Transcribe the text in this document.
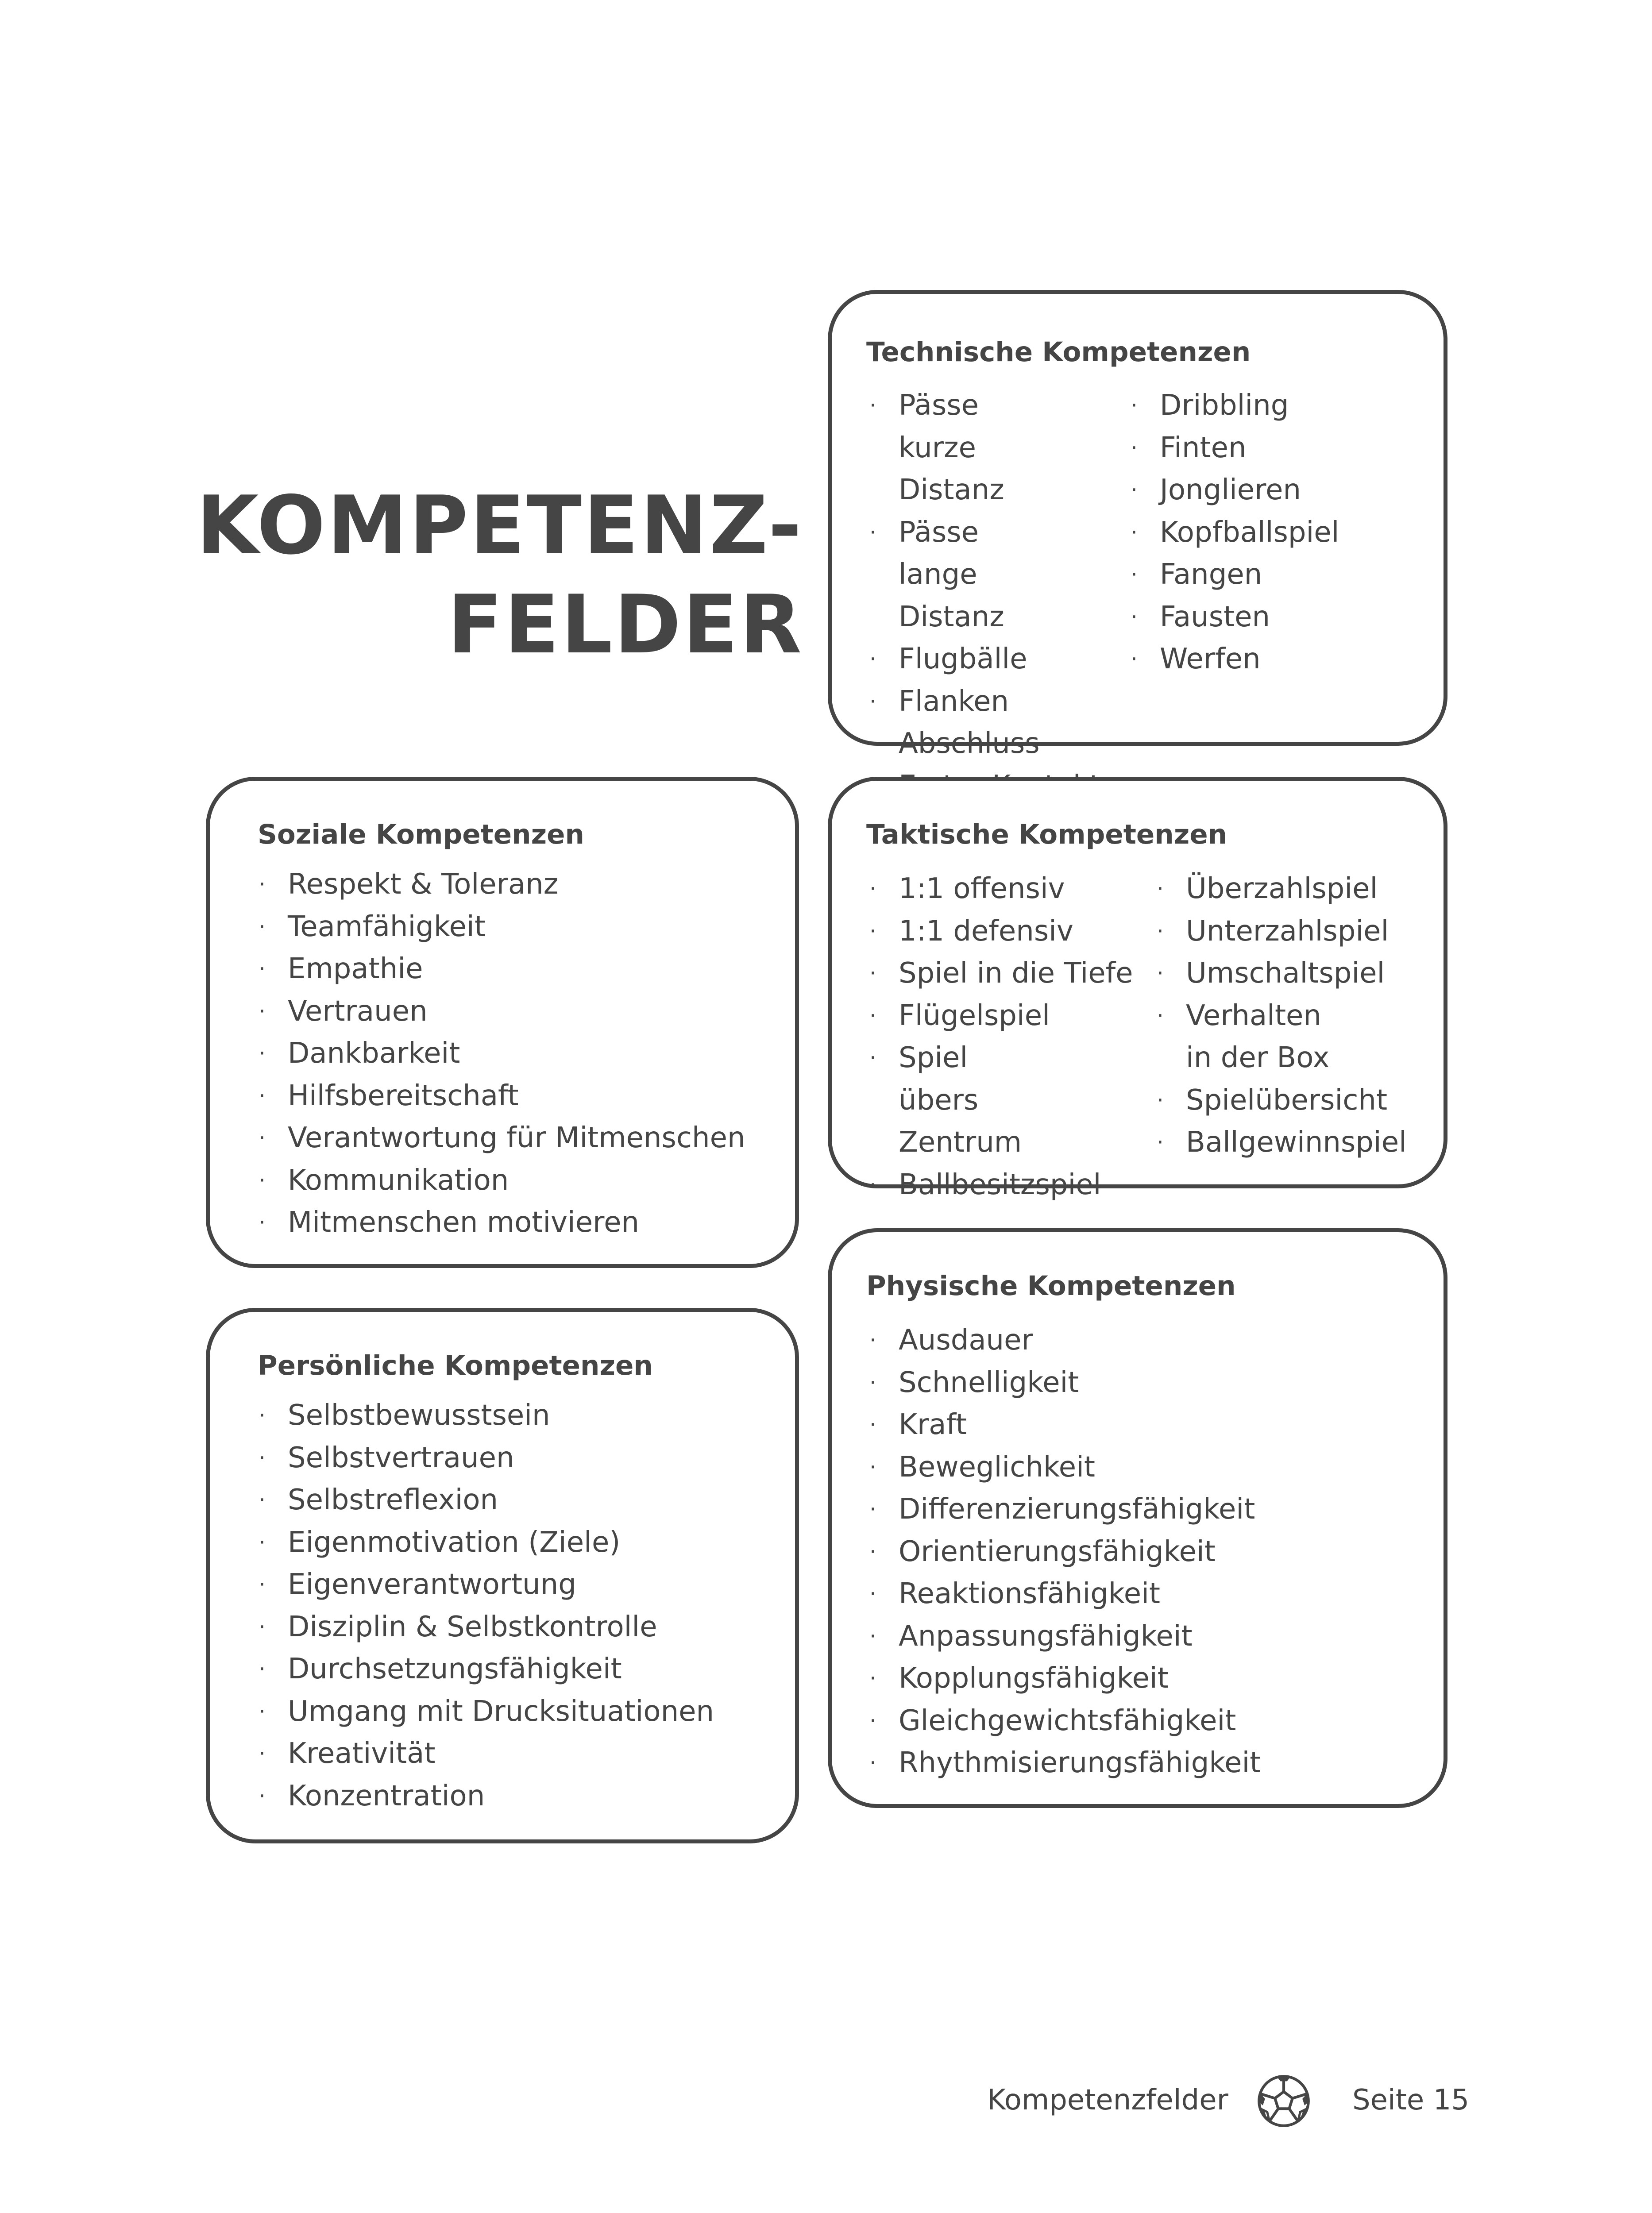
KOMPETENZ-
FELDER
Technische Kompetenzen
· Pässe kurze Distanz
· Pässe lange Distanz
· Flugbälle
· Flanken
· Abschluss
· Dribbling
· Finten
· Jonglieren
· Kopfballspiel
· Fangen
· Fausten
· Werfen
Soziale Kompetenzen
· Respekt & Toleranz
· Teamfähigkeit
· Empathie
· Vertrauen
· Dankbarkeit
· Hilfsbereitschaft
· Verantwortung für Mitmenschen
· Kommunikation
· Mitmenschen motivieren
Taktische Kompetenzen
· 1:1 offensiv
· 1:1 defensiv
· Spiel in die Tiefe
· Flügelspiel
· Spiel übers Zentrum
· Ballbesitzspiel
· Überzahlspiel
· Unterzahlspiel
· Umschaltspiel
· Verhalten in der Box
· Spielübersicht
· Ballgewinnspiel
Persönliche Kompetenzen
· Selbstbewusstsein
· Selbstvertrauen
· Selbstreflexion
· Eigenmotivation (Ziele)
· Eigenverantwortung
· Disziplin & Selbstkontrolle
· Durchsetzungsfähigkeit
· Umgang mit Drucksituationen
· Kreativität
· Konzentration
Physische Kompetenzen
· Ausdauer
· Schnelligkeit
· Kraft
· Beweglichkeit
· Differenzierungsfähigkeit
· Orientierungsfähigkeit
· Reaktionsfähigkeit
· Anpassungsfähigkeit
· Kopplungsfähigkeit
· Gleichgewichtsfähigkeit
· Rhythmisierungsfähigkeit
Kompetenzfelder	Seite 15
